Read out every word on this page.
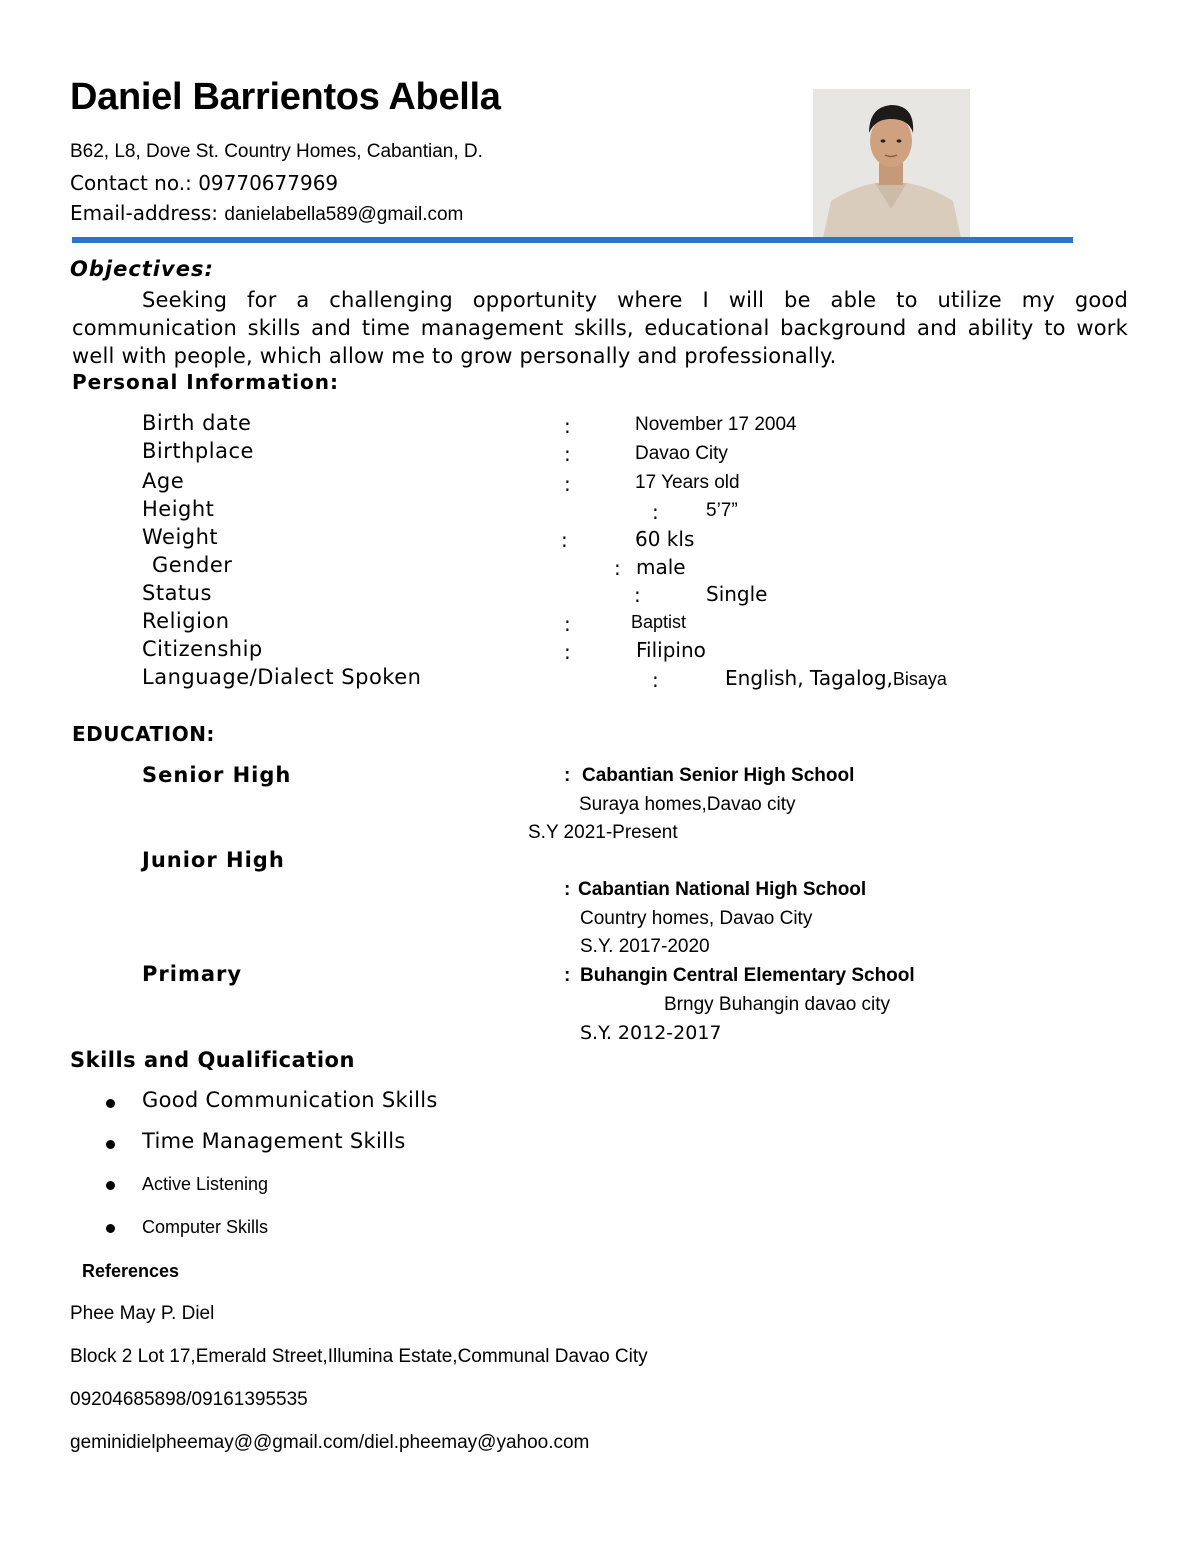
Daniel Barrientos Abella
B62, L8, Dove St. Country Homes, Cabantian, D.
Contact no.: 09770677969
Email-address: danielabella589@gmail.com
Objectives:
Seeking for a challenging opportunity where I will be able to utilize my good communication skills and time management skills, educational background and ability to work well with people, which allow me to grow personally and professionally.
Personal Information:
Birth date	:	November 17 2004
Birthplace	:	Davao City
Age	:	17 Years old
Height	: 5’7”
Weight	:	60 kls
Gender	: male
Status	:	Single
Religion	:	Baptist
Citizenship	:	Filipino
Language/Dialect Spoken	:	English, Tagalog,Bisaya
EDUCATION:
Senior High	: Cabantian Senior High School
Suraya homes,Davao city
S.Y 2021-Present
Junior High
: Cabantian National High School
Country homes, Davao City
S.Y. 2017-2020
Primary	: Buhangin Central Elementary School
Brngy Buhangin davao city
S.Y. 2012-2017
Skills and Qualification
Good Communication Skills
Time Management Skills
Active Listening
Computer Skills
References
Phee May P. Diel
Block 2 Lot 17,Emerald Street,Illumina Estate,Communal Davao City
09204685898/09161395535
geminidielpheemay@@gmail.com/diel.pheemay@yahoo.com
